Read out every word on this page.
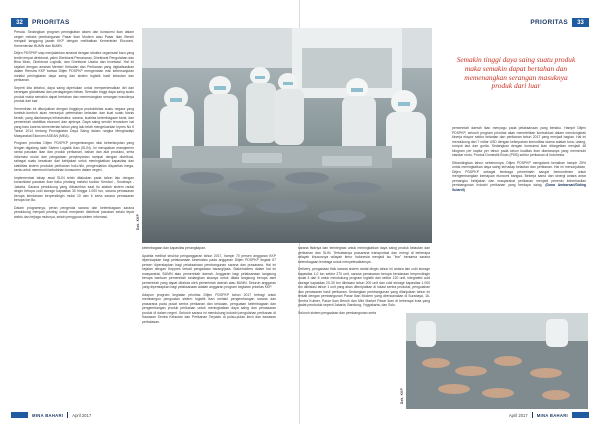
32	PRIORITAS	PRIORITAS	33

Persda. Sedangkan program peningkatan akses dan konsumsi ikan dalam negeri melalui pembangunan Pasar Ikan Modern atau Pasar Ikan Bersih menjadi tanggung jawab KKP dengan melibatkan Kementrian Ekonomi, Kementerian BUMN dan BUMN.

Ditjen PDSPKP siap menjalankan amanat dengan struktur organisasi baru yang terdiri empat direktorat, yakni Direktorat Pemasaran, Direktorat Pengolahan dan Bina Mutu, Direktorat Logistik, dan Direktorat Usaha dan Investasi. Hal ini sejalan dengan amanat Menteri Kelautan dan Perikanan yang digitalisasikan dalam Renstra KKP bahwa Ditjen PDSPKP mengemban misi kebersanjutan melalui peningkatan daya saing dan sistem logistik hasil kelautan dan perikanan.

Seperti kita ketahui, daya saing diperlukan untuk memperkenalkan diri dan serangan globalisasi dan perdagangan bebas. Semakin tinggi daya saing suatu produk maka semakin dapat bertahan dan memenangkan serangan masuknya produk dari luar.

Kementrian ini ditunjukkan dengan tingginya produktivitas suatu negara yang tumbuh-tumbuh akan menunjuk peternakan kelautan dan kuat suatu bisnis bersih, yang diantaranya infrastruktur, sarana, kualitas kelembagaan bank, dan pemerintah stabilitas ekonomi dan ajeknya. Daya saing sendiri tercantum hal yang baru karena kementerian tahun yang lalu telah mengeluarkan Inpres No 6 Tahun 2014 tentang Peningkatan Daya Saing dalam rangka Menghadapi Masyarakat Ekonomi ASEAN (MEA).

Program prioritas Ditjen PDSPKP pengembangan nilai keberlanjutan yang tengah digalang ialah Sistem Logistik Ikan (SLIN). Ini merupakan manajemen rantai pasokan ikan dan produk perikanan, bahan dan alat produksi, serta informasi mulai dari pengadaan penyimpanan sampai dengan distribusi, sebagai suatu kesatuan dari kebijakan untuk meningkatkan kapasitas dan stabilitas sistem produksi perikanan hulu-hilir, pengendalian disparitas harga, serta untuk memenuhi kebutuhan konsumen dalam negeri.

Implementasi tahap awal SLIN telah dilakukan pada tahun lalu dengan konsolidasi pasokan ikan baku pindang melalui koridor Kendari - Surabaya - Jakarta. Sarana pendukung yang dibutuhkan saat itu adalah sistem rantai dingin berupa cold storage kapasitas 30 hingga 1.000 ton, sarana pemasaran berupa kendaraan berpendingin mulai 10 dan 6 serta sarana pemasaran berupa ton Bo.

Dalam programnya, peran pengelola sarana dan kelembagaan sarana pendukung menjadi penting untuk menjamin distribusi pasokan selalu tepat waktu dan terjaga mutunya, selain pengguna sistem informasi,	Dok. KKP

kelembagaan dan kapasitas perangkapan.

Apabila melihat struktur penganggaran tahun 2017, hampir 70 persen anggaran KKP dipersiapkan bagi pelaksanaan kesehatan pada anggaran Ditjen PDSPKP tingkat 67 persen dipersiapkan bagi pelaksanaan pembangunan sarana dan prasarana. Hal ini sejalan dengan Keppres terkait pengadaan barang/jasa. Stakeholders dalam hal ini masyarakat, BUMN atau pemerintah daerah. Anggaran bagi pelaksanaan langsung berupa bantuan pemerintah sedangkan sisanya untuk ditata langsung berupa aset pemerintah yang dapat dikelola oleh pemerintah daerah atau BUMN. Seluruh anggaran yang dipersiapkan bagi pelaksanaan adalah anggaran program kegiatan prioritas KKP.

Adapun program kegiatan prioritas Ditjen PDSPKP tahun 2017 terbagi untuk membangun penguatan sistem logistik ikan melalui pengembangan sarana dan prasarana pada pusat sentra perikanan dan kelautan, penguatan kelembagaan dan pengembangan produk perikanan untuk meningkatkan daya saing dan pemasaran produk di dalam negeri. Seluruh sarana ini mendukung industri pengolahan perikanan di Kawasan Sentra Kelautan dan Perikanan Terpadu di pulau-pulau kecil dan kawasan perbatasan.

sarana fisiknya dan terintegrasi untuk meningkatkan daya saing produk kelautan dan perikanan dan SLIN. Terbatasnya prasarana transportasi dan energi di beberapa wilayah khususnya wilayah timur Indonesia menjadi isu "live" bersama sarana kelembagaan lembaga untuk menyelesaikannya.

Delivery, pengadaan fisik sarana sistem rantai dingin tahun ini antara lain cold storage kapasitas 1.0 ton sektor 270 unit, sarana pemasaran berupa kendaraan berpendingin mulai 4 dan 6 untuk mendukung program logistik dan sektor 120 unit, integrated cold storage kapasitas 20-30 ton diinisiasi tahun 200 unit dan cold storage kapasitas 1.000 ton diinisiasi tahun 1 unit yang akan ditempatkan di lokasi sentra produksi, pengolahan dan pemasaran hasil perikanan. Sedangkan pembangunan yang dilanjutkan tahun ini terkait dengan pembangunan Pasar Ikan Modern yang direncanakan di Surabaya, 16-Sentra Kuliner, Pasar Ikan Bersih dan Mini Market Pasar Ikan di beberapa kota yang padat penduduk seperti Jakarta, Bandung, Yogyakarta, dan Solo.

Seluruh sistem pengadaan dan pembangunan serta

Semakin tinggi daya saing suatu produk maka semakin dapat bertahan dan memenangkan serangan masuknya produk dari luar

pemerintah daerah ikan menyagu pada pelaksanaan yang berlaku. Hampir Ditjen PDSPKP, seluruh program prioritas akan menerbitkan kontraktual dalam mendongkrak kinerja ekspor sektor kelautan dan perikanan tahun 2017 yang menjadi bagian. Hal ini mendukung dari 7 miliar USD dengan kelimpahan komoditas utama adalah tuna, udang, rumput laut dan gurita. Sedangkan dengan konsumsi ikan ditargetkan menjadi 48 kilogram per kapita per tahun pada tahun kualitas ikan diantaranya yang memenuhi standar mutu. Produk Domestik Bruto (PDB) sektor perikanan di Indonesia.

Dibandingkan tahun sebelumnya, Ditjen PDSPKP mengalami kenaikan hampir 25% untuk meningkatkan daya saing terhadap kelautan dan perikanan. Hal ini menunjukkan, Ditjen PDSPKP sebagai lembaga pemerintah sangat berkomitmen untuk mengembangkan kemajuan ekonomi bangsa. Bekerja sama dan sinergi antara antar pemangku kebijakan dan masyarakat perikanan menjadi penentu keberhasilan pembangunan industri perikanan yang berdaya saing. (Dona Ambarsari/Diding Sutardi)

Dok. KKP
MINA BAHARI April 2017	April 2017 MINA BAHARI
